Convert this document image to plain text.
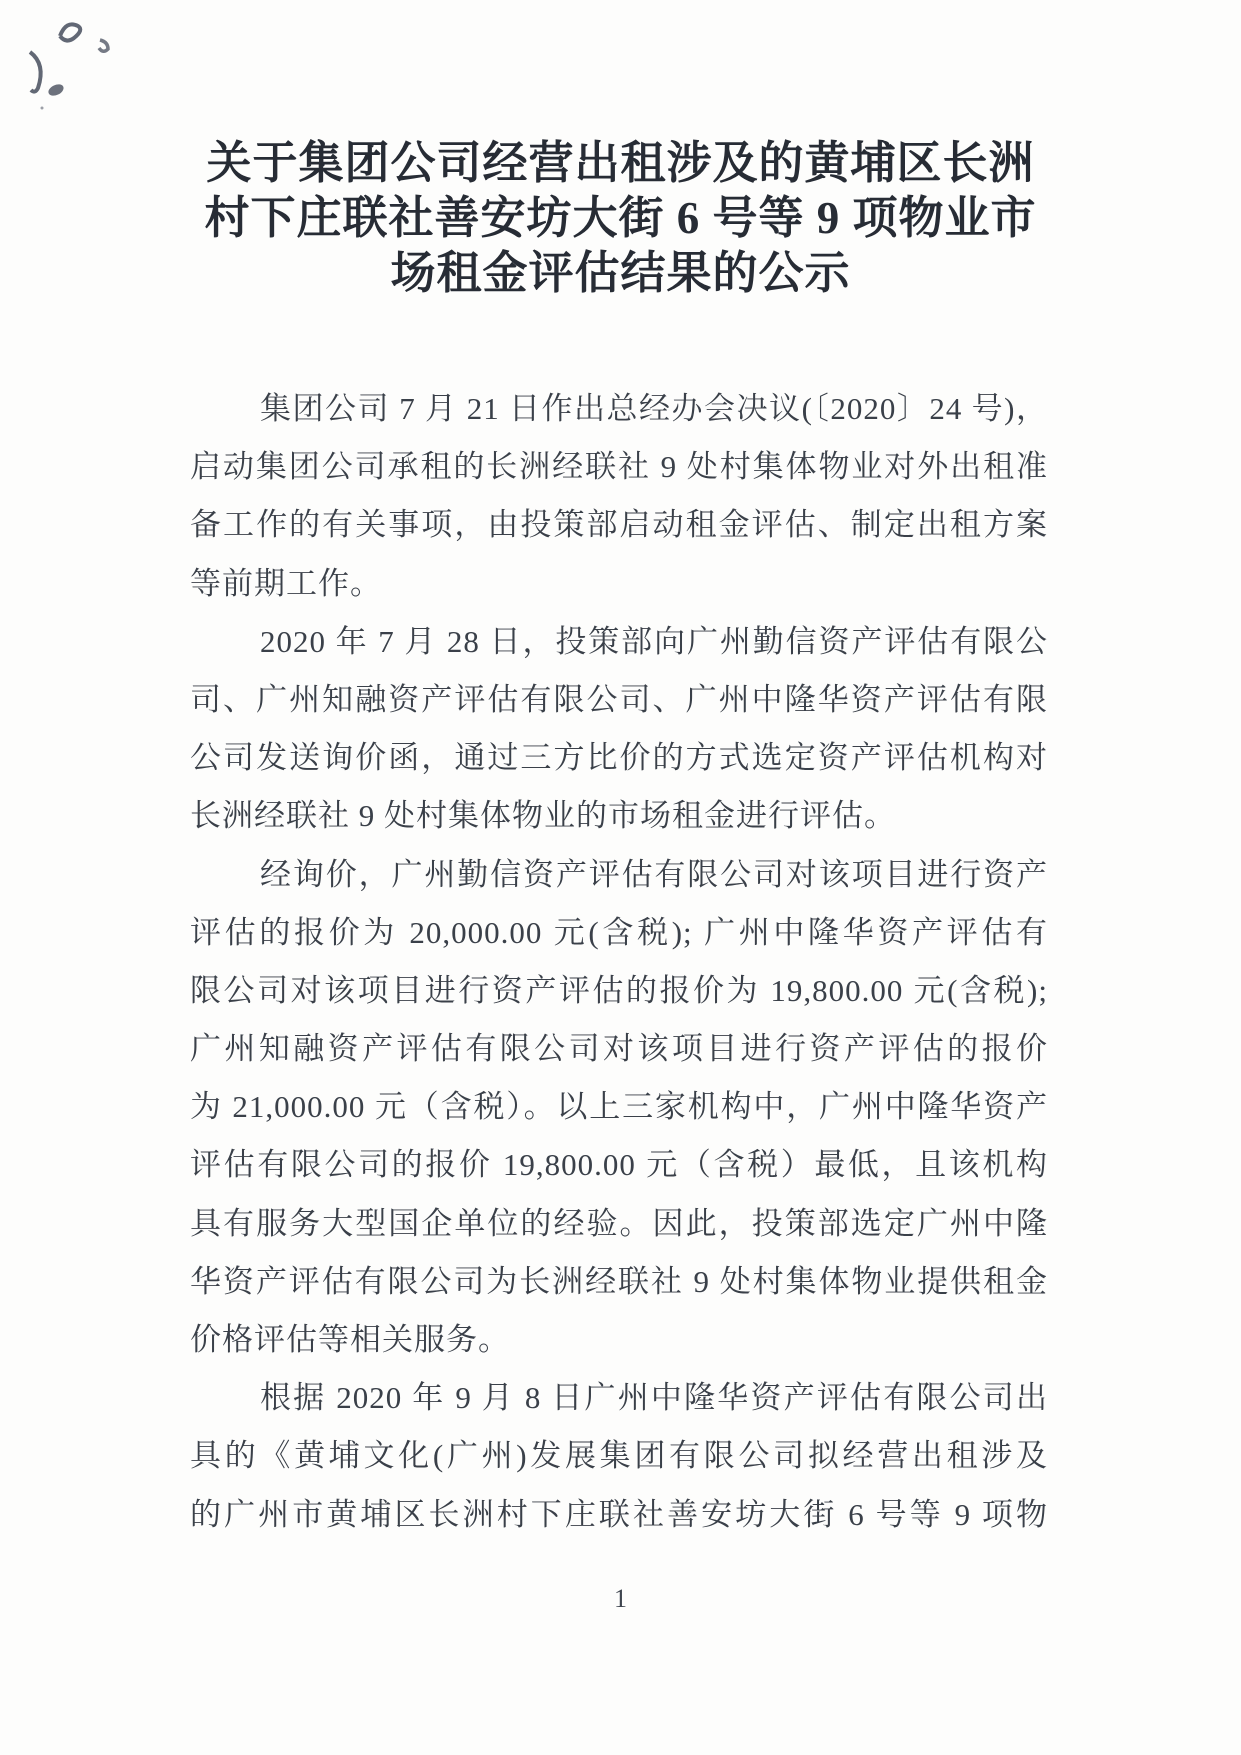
关于集团公司经营出租涉及的黄埔区长洲
村下庄联社善安坊大街 6 号等 9 项物业市
场租金评估结果的公示
集团公司 7 月 21 日作出总经办会决议(〔2020〕24 号)，
启动集团公司承租的长洲经联社 9 处村集体物业对外出租准
备工作的有关事项，由投策部启动租金评估、制定出租方案
等前期工作。
2020 年 7 月 28 日，投策部向广州勤信资产评估有限公
司、广州知融资产评估有限公司、广州中隆华资产评估有限
公司发送询价函，通过三方比价的方式选定资产评估机构对
长洲经联社 9 处村集体物业的市场租金进行评估。
经询价，广州勤信资产评估有限公司对该项目进行资产
评估的报价为 20,000.00 元(含税); 广州中隆华资产评估有
限公司对该项目进行资产评估的报价为 19,800.00 元(含税);
广州知融资产评估有限公司对该项目进行资产评估的报价
为 21,000.00 元（含税）。以上三家机构中，广州中隆华资产
评估有限公司的报价 19,800.00 元（含税）最低，且该机构
具有服务大型国企单位的经验。因此，投策部选定广州中隆
华资产评估有限公司为长洲经联社 9 处村集体物业提供租金
价格评估等相关服务。
根据 2020 年 9 月 8 日广州中隆华资产评估有限公司出
具的《黄埔文化(广州)发展集团有限公司拟经营出租涉及
的广州市黄埔区长洲村下庄联社善安坊大街 6 号等 9 项物
1
